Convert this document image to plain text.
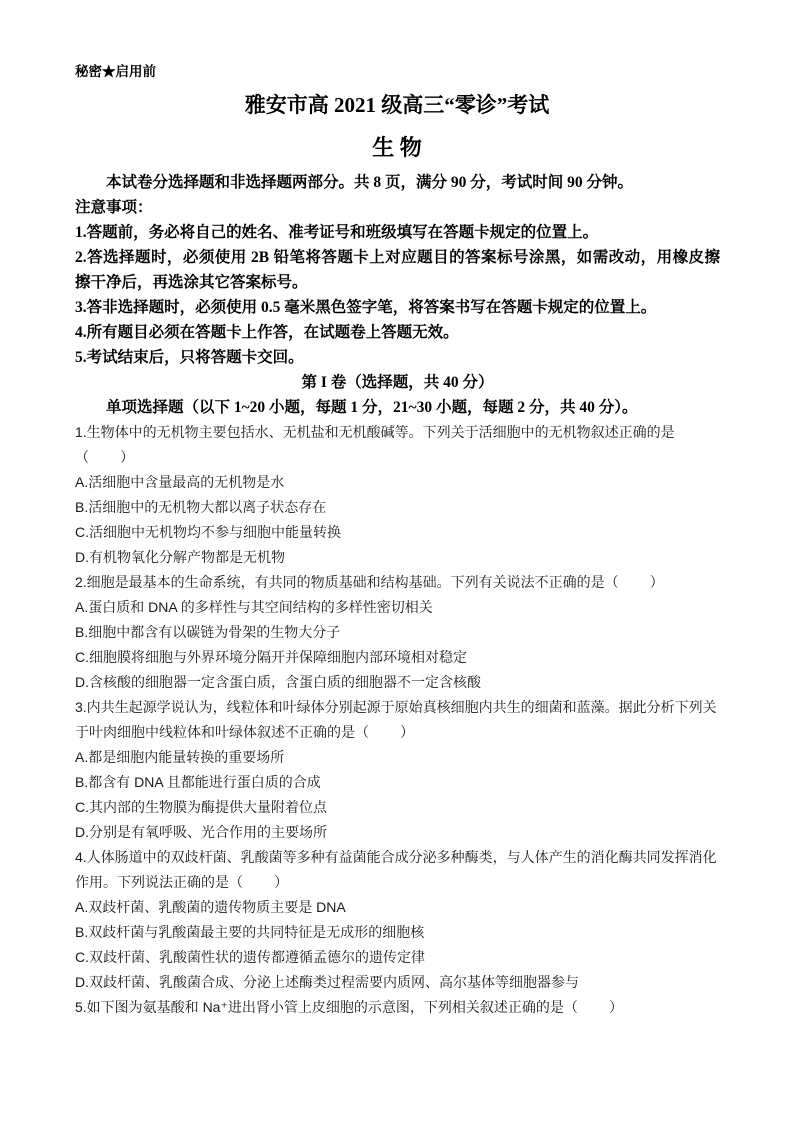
秘密★启用前
雅安市高 2021 级高三“零诊”考试
生 物
本试卷分选择题和非选择题两部分。共 8 页，满分 90 分，考试时间 90 分钟。
注意事项：
1.答题前，务必将自己的姓名、准考证号和班级填写在答题卡规定的位置上。
2.答选择题时，必须使用 2B 铅笔将答题卡上对应题目的答案标号涂黑，如需改动，用橡皮擦
擦干净后，再选涂其它答案标号。
3.答非选择题时，必须使用 0.5 毫米黑色签字笔，将答案书写在答题卡规定的位置上。
4.所有题目必须在答题卡上作答，在试题卷上答题无效。
5.考试结束后，只将答题卡交回。
第 I 卷（选择题，共 40 分）
单项选择题（以下 1~20 小题，每题 1 分，21~30 小题，每题 2 分，共 40 分）。
1.生物体中的无机物主要包括水、无机盐和无机酸碱等。下列关于活细胞中的无机物叙述正确的是
（        ）
A.活细胞中含量最高的无机物是水
B.活细胞中的无机物大都以离子状态存在
C.活细胞中无机物均不参与细胞中能量转换
D.有机物氧化分解产物都是无机物
2.细胞是最基本的生命系统，有共同的物质基础和结构基础。下列有关说法不正确的是（        ）
A.蛋白质和 DNA 的多样性与其空间结构的多样性密切相关
B.细胞中都含有以碳链为骨架的生物大分子
C.细胞膜将细胞与外界环境分隔开并保障细胞内部环境相对稳定
D.含核酸的细胞器一定含蛋白质，含蛋白质的细胞器不一定含核酸
3.内共生起源学说认为，线粒体和叶绿体分别起源于原始真核细胞内共生的细菌和蓝藻。据此分析下列关
于叶肉细胞中线粒体和叶绿体叙述不正确的是（        ）
A.都是细胞内能量转换的重要场所
B.都含有 DNA 且都能进行蛋白质的合成
C.其内部的生物膜为酶提供大量附着位点
D.分别是有氧呼吸、光合作用的主要场所
4.人体肠道中的双歧杆菌、乳酸菌等多种有益菌能合成分泌多种酶类，与人体产生的消化酶共同发挥消化
作用。下列说法正确的是（        ）
A.双歧杆菌、乳酸菌的遗传物质主要是 DNA
B.双歧杆菌与乳酸菌最主要的共同特征是无成形的细胞核
C.双歧杆菌、乳酸菌性状的遗传都遵循孟德尔的遗传定律
D.双歧杆菌、乳酸菌合成、分泌上述酶类过程需要内质网、高尔基体等细胞器参与
5.如下图为氨基酸和 Na⁺进出肾小管上皮细胞的示意图，下列相关叙述正确的是（        ）
